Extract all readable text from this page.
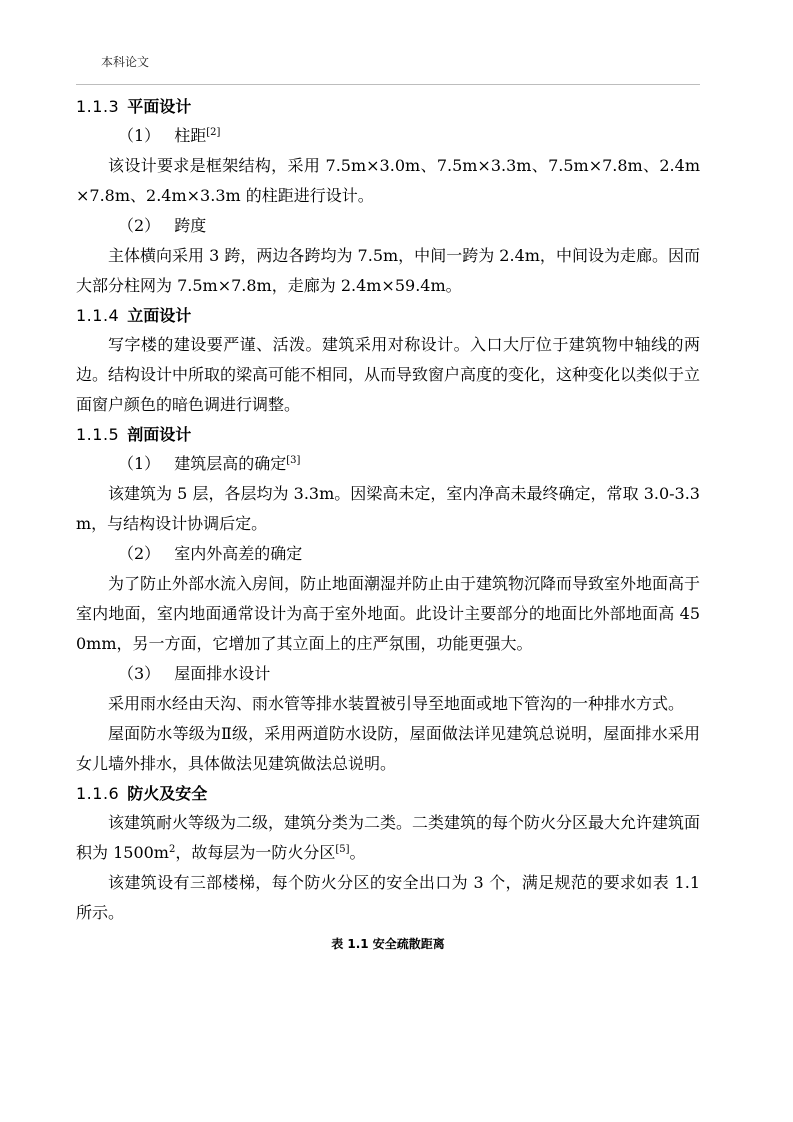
本科论文
1.1.3 平面设计
（1） 柱距[2]

该设计要求是框架结构，采用 7.5m×3.0m、7.5m×3.3m、7.5m×7.8m、2.4m×7.8m、2.4m×3.3m 的柱距进行设计。

（2） 跨度

主体横向采用 3 跨，两边各跨均为 7.5m，中间一跨为 2.4m，中间设为走廊。因而大部分柱网为 7.5m×7.8m，走廊为 2.4m×59.4m。

1.1.4 立面设计

写字楼的建设要严谨、活泼。建筑采用对称设计。入口大厅位于建筑物中轴线的两边。结构设计中所取的梁高可能不相同，从而导致窗户高度的变化，这种变化以类似于立面窗户颜色的暗色调进行调整。

1.1.5 剖面设计
（1） 建筑层高的确定[3]

该建筑为 5 层，各层均为 3.3m。因梁高未定，室内净高未最终确定，常取 3.0-3.3m，与结构设计协调后定。

（2） 室内外高差的确定

为了防止外部水流入房间，防止地面潮湿并防止由于建筑物沉降而导致室外地面高于室内地面，室内地面通常设计为高于室外地面。此设计主要部分的地面比外部地面高 450mm，另一方面，它增加了其立面上的庄严氛围，功能更强大。

（3） 屋面排水设计

采用雨水经由天沟、雨水管等排水装置被引导至地面或地下管沟的一种排水方式。

屋面防水等级为Ⅱ级，采用两道防水设防，屋面做法详见建筑总说明，屋面排水采用女儿墙外排水，具体做法见建筑做法总说明。

1.1.6 防火及安全

该建筑耐火等级为二级，建筑分类为二类。二类建筑的每个防火分区最大允许建筑面积为 $1500m^2$，故每层为一防火分区[5]。

该建筑设有三部楼梯，每个防火分区的安全出口为 3 个，满足规范的要求如表 1.1 所示。

表 1.1 安全疏散距离
